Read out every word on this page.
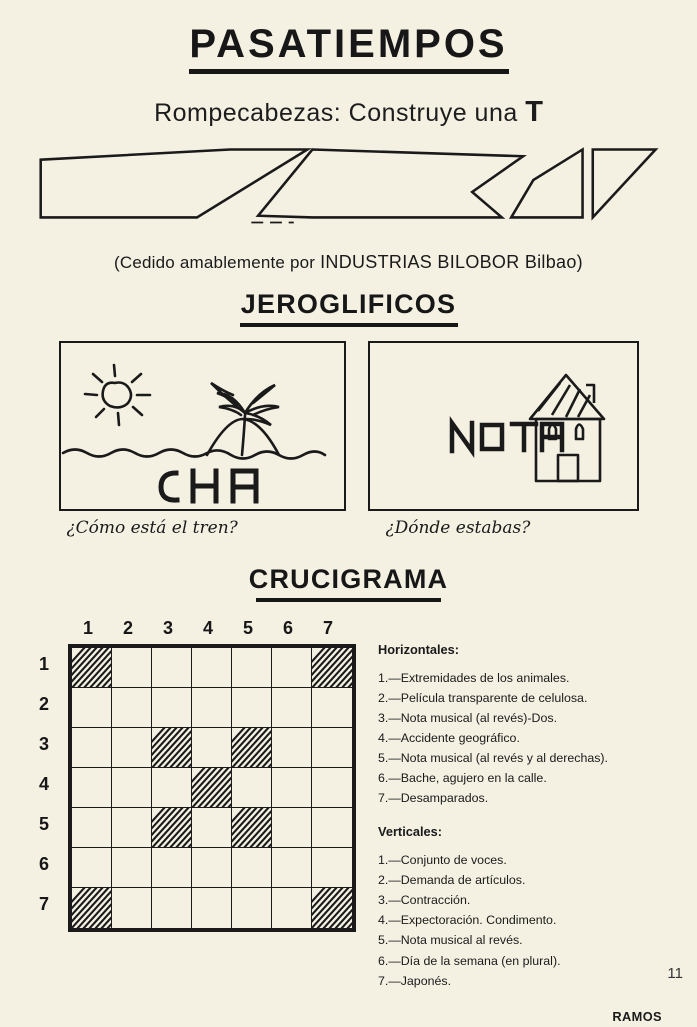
PASATIEMPOS
Rompecabezas: Construye una T
(Cedido amablemente por INDUSTRIAS BILOBOR Bilbao)
JEROGLIFICOS
¿Cómo está el tren?	¿Dónde estabas?
CRUCIGRAMA
1	2	3	4	5	6	7
1
2
3
4
5
6
7
Horizontales:
1.—Extremidades de los animales.
2.—Película transparente de celulosa.
3.—Nota musical (al revés)-Dos.
4.—Accidente geográfico.
5.—Nota musical (al revés y al derechas).
6.—Bache, agujero en la calle.
7.—Desamparados.
Verticales:
1.—Conjunto de voces.
2.—Demanda de artículos.
3.—Contracción.
4.—Expectoración. Condimento.
5.—Nota musical al revés.
6.—Día de la semana (en plural).
7.—Japonés.
RAMOS
11
